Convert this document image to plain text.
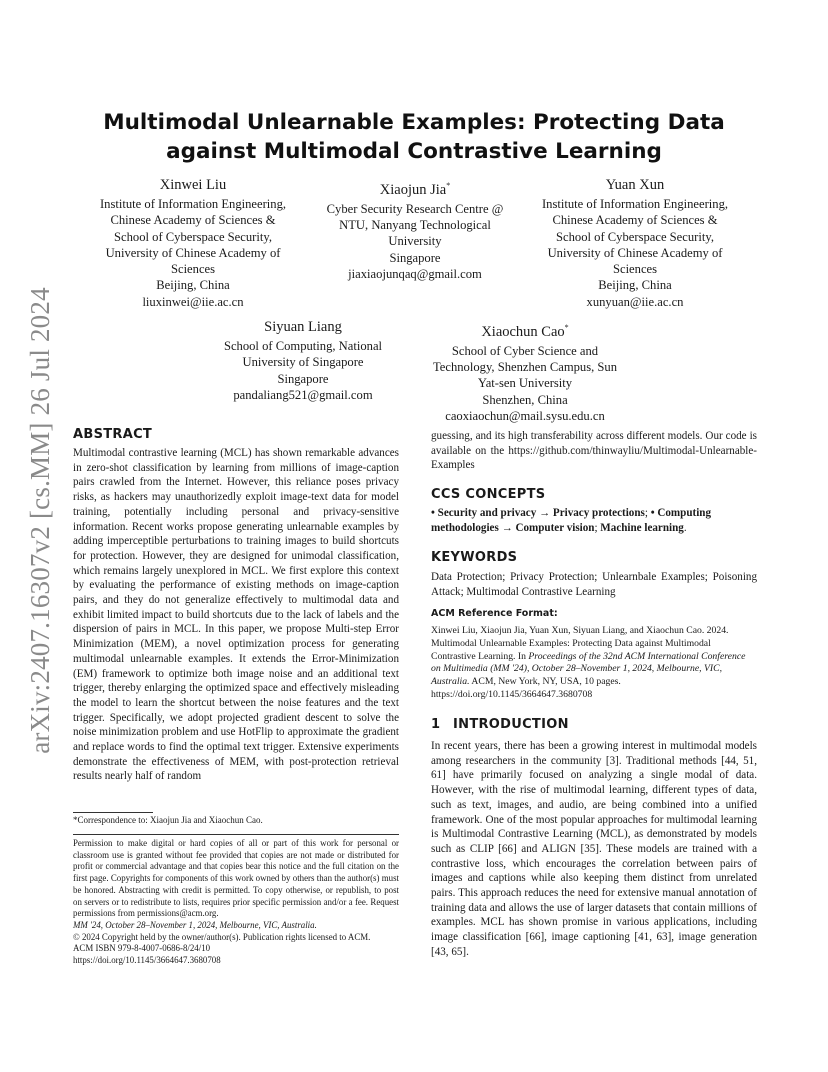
arXiv:2407.16307v2 [cs.MM] 26 Jul 2024
Multimodal Unlearnable Examples: Protecting Data against Multimodal Contrastive Learning
Xinwei Liu
Institute of Information Engineering,
Chinese Academy of Sciences &
School of Cyberspace Security,
University of Chinese Academy of
Sciences
Beijing, China
liuxinwei@iie.ac.cn
Xiaojun Jia*
Cyber Security Research Centre @
NTU, Nanyang Technological
University
Singapore
jiaxiaojunqaq@gmail.com
Yuan Xun
Institute of Information Engineering,
Chinese Academy of Sciences &
School of Cyberspace Security,
University of Chinese Academy of
Sciences
Beijing, China
xunyuan@iie.ac.cn
Siyuan Liang
School of Computing, National
University of Singapore
Singapore
pandaliang521@gmail.com
Xiaochun Cao*
School of Cyber Science and
Technology, Shenzhen Campus, Sun
Yat-sen University
Shenzhen, China
caoxiaochun@mail.sysu.edu.cn
ABSTRACT

Multimodal contrastive learning (MCL) has shown remarkable advances in zero-shot classification by learning from millions of image-caption pairs crawled from the Internet. However, this reliance poses privacy risks, as hackers may unauthorizedly exploit image-text data for model training, potentially including personal and privacy-sensitive information. Recent works propose generating unlearnable examples by adding imperceptible perturbations to training images to build shortcuts for protection. However, they are designed for unimodal classification, which remains largely unexplored in MCL. We first explore this context by evaluating the performance of existing methods on image-caption pairs, and they do not generalize effectively to multimodal data and exhibit limited impact to build shortcuts due to the lack of labels and the dispersion of pairs in MCL. In this paper, we propose Multi-step Error Minimization (MEM), a novel optimization process for generating multimodal unlearnable examples. It extends the Error-Minimization (EM) framework to optimize both image noise and an additional text trigger, thereby enlarging the optimized space and effectively misleading the model to learn the shortcut between the noise features and the text trigger. Specifically, we adopt projected gradient descent to solve the noise minimization problem and use HotFlip to approximate the gradient and replace words to find the optimal text trigger. Extensive experiments demonstrate the effectiveness of MEM, with post-protection retrieval results nearly half of random

*Correspondence to: Xiaojun Jia and Xiaochun Cao.

Permission to make digital or hard copies of all or part of this work for personal or classroom use is granted without fee provided that copies are not made or distributed for profit or commercial advantage and that copies bear this notice and the full citation on the first page. Copyrights for components of this work owned by others than the author(s) must be honored. Abstracting with credit is permitted. To copy otherwise, or republish, to post on servers or to redistribute to lists, requires prior specific permission and/or a fee. Request permissions from permissions@acm.org.

MM '24, October 28–November 1, 2024, Melbourne, VIC, Australia.

© 2024 Copyright held by the owner/author(s). Publication rights licensed to ACM.

ACM ISBN 979-8-4007-0686-8/24/10

https://doi.org/10.1145/3664647.3680708

guessing, and its high transferability across different models. Our code is available on the https://github.com/thinwayliu/Multimodal-Unlearnable-Examples

CCS CONCEPTS

• Security and privacy → Privacy protections; • Computing methodologies → Computer vision; Machine learning.

KEYWORDS

Data Protection; Privacy Protection; Unlearnbale Examples; Poisoning Attack; Multimodal Contrastive Learning

ACM Reference Format:

Xinwei Liu, Xiaojun Jia, Yuan Xun, Siyuan Liang, and Xiaochun Cao. 2024. Multimodal Unlearnable Examples: Protecting Data against Multimodal Contrastive Learning. In Proceedings of the 32nd ACM International Conference on Multimedia (MM '24), October 28–November 1, 2024, Melbourne, VIC, Australia. ACM, New York, NY, USA, 10 pages. https://doi.org/10.1145/3664647.3680708

1 INTRODUCTION

In recent years, there has been a growing interest in multimodal models among researchers in the community [3]. Traditional methods [44, 51, 61] have primarily focused on analyzing a single modal of data. However, with the rise of multimodal learning, different types of data, such as text, images, and audio, are being combined into a unified framework. One of the most popular approaches for multimodal learning is Multimodal Contrastive Learning (MCL), as demonstrated by models such as CLIP [66] and ALIGN [35]. These models are trained with a contrastive loss, which encourages the correlation between pairs of images and captions while also keeping them distinct from unrelated pairs. This approach reduces the need for extensive manual annotation of training data and allows the use of larger datasets that contain millions of examples. MCL has shown promise in various applications, including image classification [66], image captioning [41, 63], image generation [43, 65].
